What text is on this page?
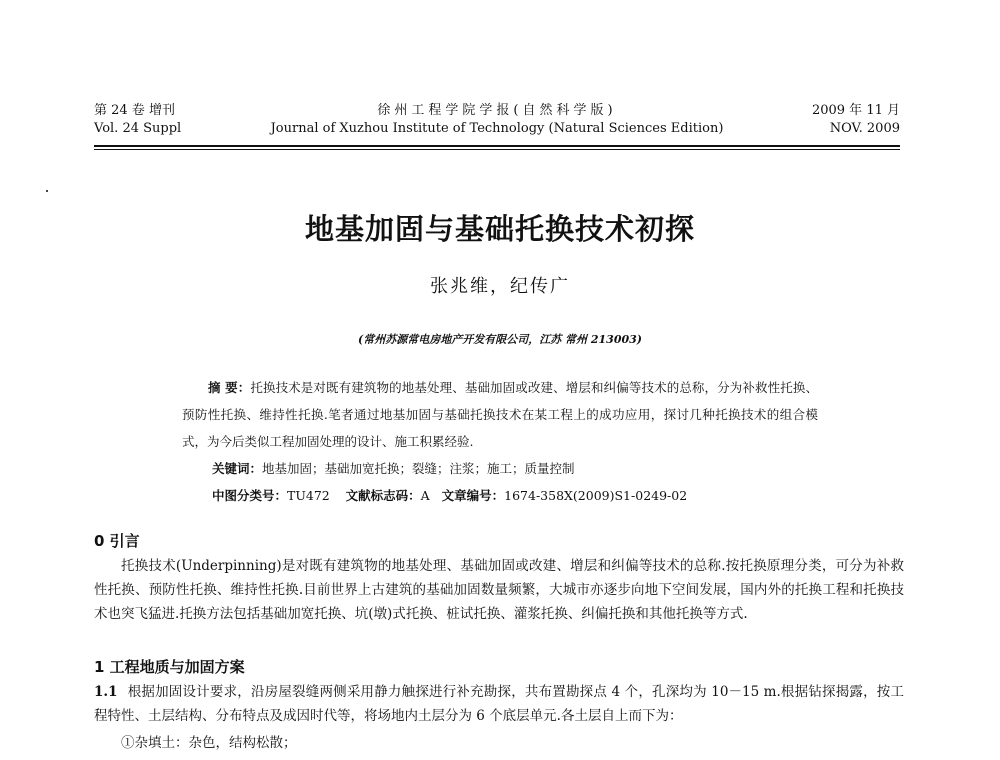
第 24 卷 增刊
Vol. 24 Suppl
徐州工程学院学报(自然科学版)
Journal of Xuzhou Institute of Technology (Natural Sciences Edition)
2009 年 11 月
NOV. 2009
地基加固与基础托换技术初探
张兆维，纪传广
(常州苏源常电房地产开发有限公司，江苏 常州 213003)

摘 要：托换技术是对既有建筑物的地基处理、基础加固或改建、增层和纠偏等技术的总称，分为补救性托换、预防性托换、维持性托换.笔者通过地基加固与基础托换技术在某工程上的成功应用，探讨几种托换技术的组合模式，为今后类似工程加固处理的设计、施工积累经验.

关键词：地基加固；基础加宽托换；裂缝；注浆；施工；质量控制

中图分类号：TU472 文献标志码：A 文章编号：1674-358X(2009)S1-0249-02

0 引言

托换技术(Underpinning)是对既有建筑物的地基处理、基础加固或改建、增层和纠偏等技术的总称.按托换原理分类，可分为补救性托换、预防性托换、维持性托换.目前世界上古建筑的基础加固数量频繁，大城市亦逐步向地下空间发展，国内外的托换工程和托换技术也突飞猛进.托换方法包括基础加宽托换、坑(墩)式托换、桩试托换、灌浆托换、纠偏托换和其他托换等方式.

1 工程地质与加固方案

1.1 根据加固设计要求，沿房屋裂缝两侧采用静力触探进行补充勘探，共布置勘探点 4 个，孔深均为 10－15 m.根据钻探揭露，按工程特性、土层结构、分布特点及成因时代等，将场地内土层分为 6 个底层单元.各土层自上而下为：

①杂填土：杂色，结构松散；
